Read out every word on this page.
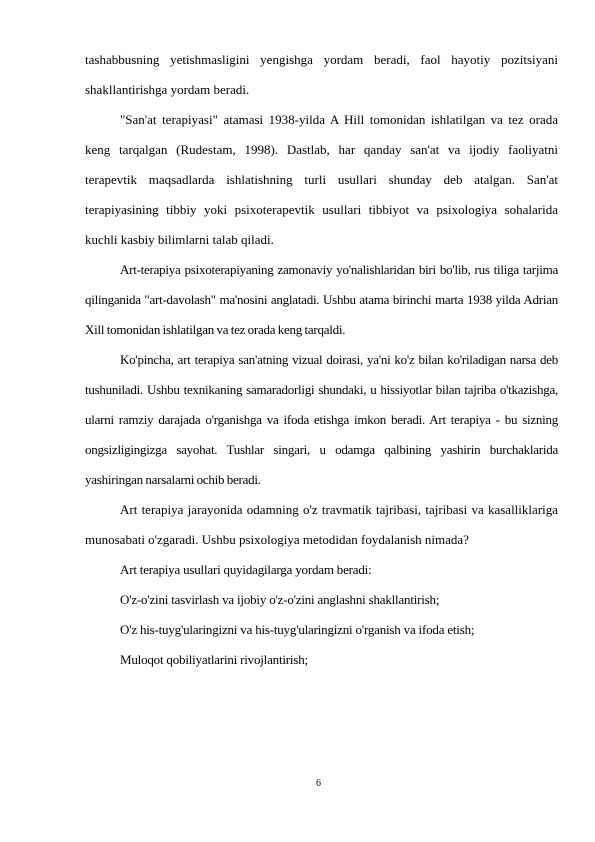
tashabbusning yetishmasligini yengishga yordam beradi, faol hayotiy pozitsiyani shakllantirishga yordam beradi.

"San'at terapiyasi" atamasi 1938-yilda A Hill tomonidan ishlatilgan va tez orada keng tarqalgan (Rudestam, 1998). Dastlab, har qanday san'at va ijodiy faoliyatni terapevtik maqsadlarda ishlatishning turli usullari shunday deb atalgan. San'at terapiyasining tibbiy yoki psixoterapevtik usullari tibbiyot va psixologiya sohalarida kuchli kasbiy bilimlarni talab qiladi.

Art-terapiya psixoterapiyaning zamonaviy yo'nalishlaridan biri bo'lib, rus tiliga tarjima qilinganida "art-davolash" ma'nosini anglatadi. Ushbu atama birinchi marta 1938 yilda Adrian Xill tomonidan ishlatilgan va tez orada keng tarqaldi.

Ko'pincha, art terapiya san'atning vizual doirasi, ya'ni ko'z bilan ko'riladigan narsa deb tushuniladi. Ushbu texnikaning samaradorligi shundaki, u hissiyotlar bilan tajriba o'tkazishga, ularni ramziy darajada o'rganishga va ifoda etishga imkon beradi. Art terapiya - bu sizning ongsizligingizga sayohat. Tushlar singari, u odamga qalbining yashirin burchaklarida yashiringan narsalarni ochib beradi.

Art terapiya jarayonida odamning o'z travmatik tajribasi, tajribasi va kasalliklariga munosabati o'zgaradi. Ushbu psixologiya metodidan foydalanish nimada?

Art terapiya usullari quyidagilarga yordam beradi:

O'z-o'zini tasvirlash va ijobiy o'z-o'zini anglashni shakllantirish;

O'z his-tuyg'ularingizni va his-tuyg'ularingizni o'rganish va ifoda etish;

Muloqot qobiliyatlarini rivojlantirish;

6
